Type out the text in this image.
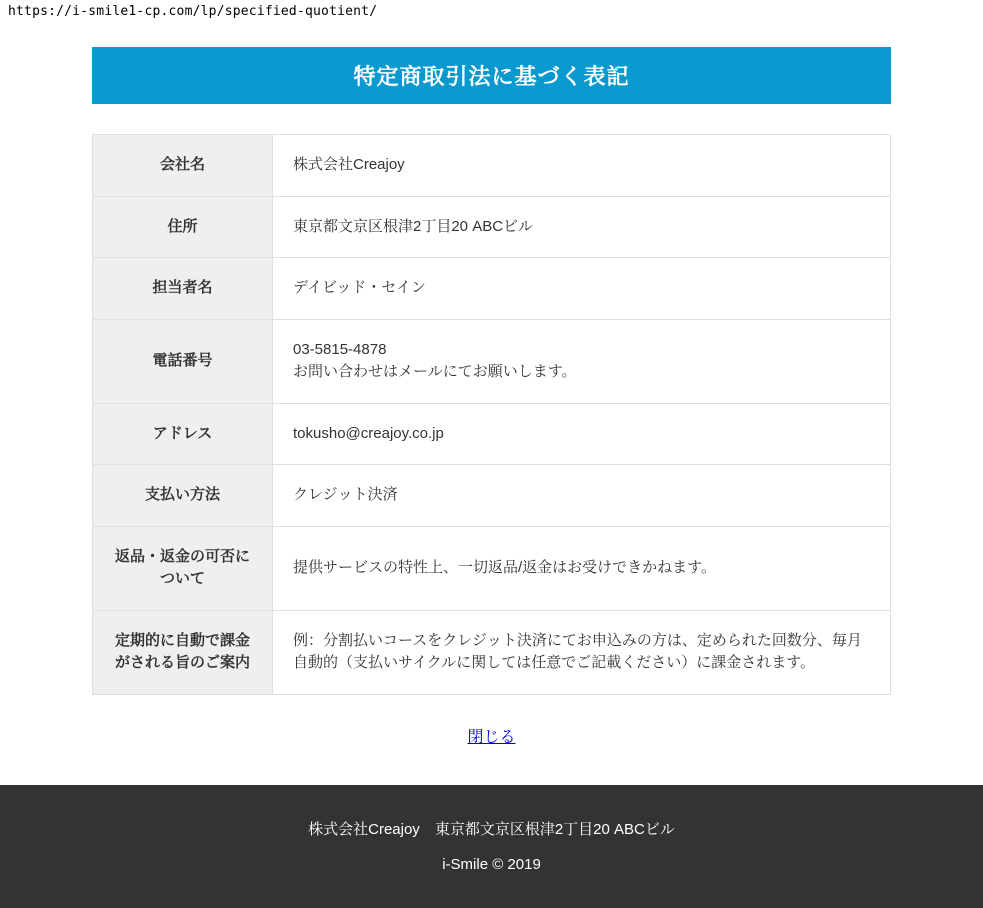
https://i-smile1-cp.com/lp/specified-quotient/
特定商取引法に基づく表記
会社名	株式会社Creajoy
住所	東京都文京区根津2丁目20 ABCビル
担当者名	デイビッド・セイン
電話番号	03-5815-4878
お問い合わせはメールにてお願いします。

アドレス	tokusho@creajoy.co.jp
支払い方法	クレジット決済
返品・返金の可否について	提供サービスの特性上、一切返品/返金はお受けできかねます。
定期的に自動で課金がされる旨のご案内	例：分割払いコースをクレジット決済にてお申込みの方は、定められた回数分、毎月自動的（支払いサイクルに関しては任意でご記載ください）に課金されます。
閉じる
株式会社Creajoy　東京都文京区根津2丁目20 ABCビル
i-Smile © 2019
